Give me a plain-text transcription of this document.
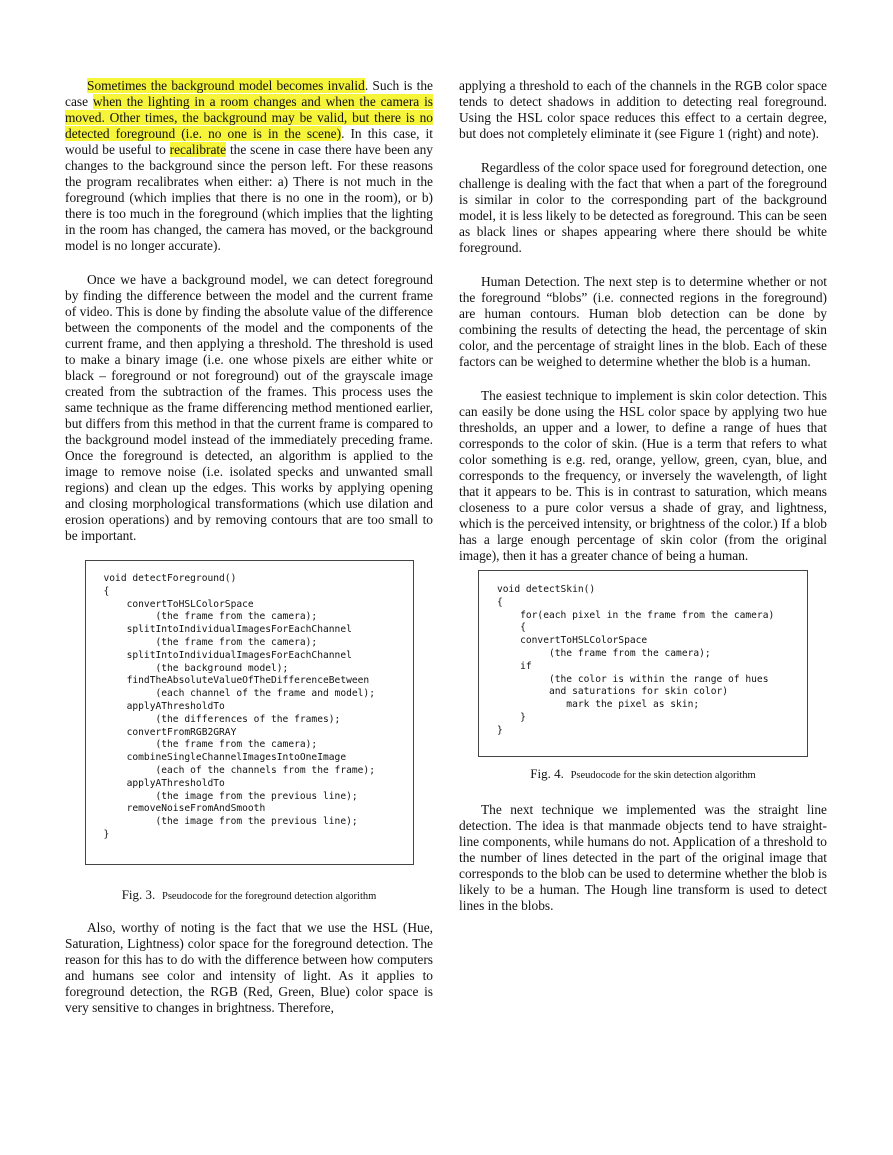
Sometimes the background model becomes invalid. Such is the case when the lighting in a room changes and when the camera is moved. Other times, the background may be valid, but there is no detected foreground (i.e. no one is in the scene). In this case, it would be useful to recalibrate the scene in case there have been any changes to the background since the person left. For these reasons the program recalibrates when either: a) There is not much in the foreground (which implies that there is no one in the room), or b) there is too much in the foreground (which implies that the lighting in the room has changed, the camera has moved, or the background model is no longer accurate).

Once we have a background model, we can detect foreground by finding the difference between the model and the current frame of video. This is done by finding the absolute value of the difference between the components of the model and the components of the current frame, and then applying a threshold. The threshold is used to make a binary image (i.e. one whose pixels are either white or black – foreground or not foreground) out of the grayscale image created from the subtraction of the frames. This process uses the same technique as the frame differencing method mentioned earlier, but differs from this method in that the current frame is compared to the background model instead of the immediately preceding frame. Once the foreground is detected, an algorithm is applied to the image to remove noise (i.e. isolated specks and unwanted small regions) and clean up the edges. This works by applying opening and closing morphological transformations (which use dilation and erosion operations) and by removing contours that are too small to be important.

void detectForeground()
{
convertToHSLColorSpace
(the frame from the camera);
splitIntoIndividualImagesForEachChannel
(the frame from the camera);
splitIntoIndividualImagesForEachChannel
(the background model);
findTheAbsoluteValueOfTheDifferenceBetween
(each channel of the frame and model);
applyAThresholdTo
(the differences of the frames);
convertFromRGB2GRAY
(the frame from the camera);
combineSingleChannelImagesIntoOneImage
(each of the channels from the frame);
applyAThresholdTo
(the image from the previous line);
removeNoiseFromAndSmooth
(the image from the previous line);
}
Fig. 3. Pseudocode for the foreground detection algorithm

Also, worthy of noting is the fact that we use the HSL (Hue, Saturation, Lightness) color space for the foreground detection. The reason for this has to do with the difference between how computers and humans see color and intensity of light. As it applies to foreground detection, the RGB (Red, Green, Blue) color space is very sensitive to changes in brightness. Therefore,

applying a threshold to each of the channels in the RGB color space tends to detect shadows in addition to detecting real foreground. Using the HSL color space reduces this effect to a certain degree, but does not completely eliminate it (see Figure 1 (right) and note).

Regardless of the color space used for foreground detection, one challenge is dealing with the fact that when a part of the foreground is similar in color to the corresponding part of the background model, it is less likely to be detected as foreground. This can be seen as black lines or shapes appearing where there should be white foreground.

Human Detection. The next step is to determine whether or not the foreground “blobs” (i.e. connected regions in the foreground) are human contours. Human blob detection can be done by combining the results of detecting the head, the percentage of skin color, and the percentage of straight lines in the blob. Each of these factors can be weighed to determine whether the blob is a human.

The easiest technique to implement is skin color detection. This can easily be done using the HSL color space by applying two hue thresholds, an upper and a lower, to define a range of hues that corresponds to the color of skin. (Hue is a term that refers to what color something is e.g. red, orange, yellow, green, cyan, blue, and corresponds to the frequency, or inversely the wavelength, of light that it appears to be. This is in contrast to saturation, which means closeness to a pure color versus a shade of gray, and lightness, which is the perceived intensity, or brightness of the color.) If a blob has a large enough percentage of skin color (from the original image), then it has a greater chance of being a human.

void detectSkin()
{
for(each pixel in the frame from the camera)
{
convertToHSLColorSpace
(the frame from the camera);
if
(the color is within the range of hues
and saturations for skin color)
mark the pixel as skin;
}
}
Fig. 4. Pseudocode for the skin detection algorithm

The next technique we implemented was the straight line detection. The idea is that manmade objects tend to have straight-line components, while humans do not. Application of a threshold to the number of lines detected in the part of the original image that corresponds to the blob can be used to determine whether the blob is likely to be a human. The Hough line transform is used to detect lines in the blobs.
